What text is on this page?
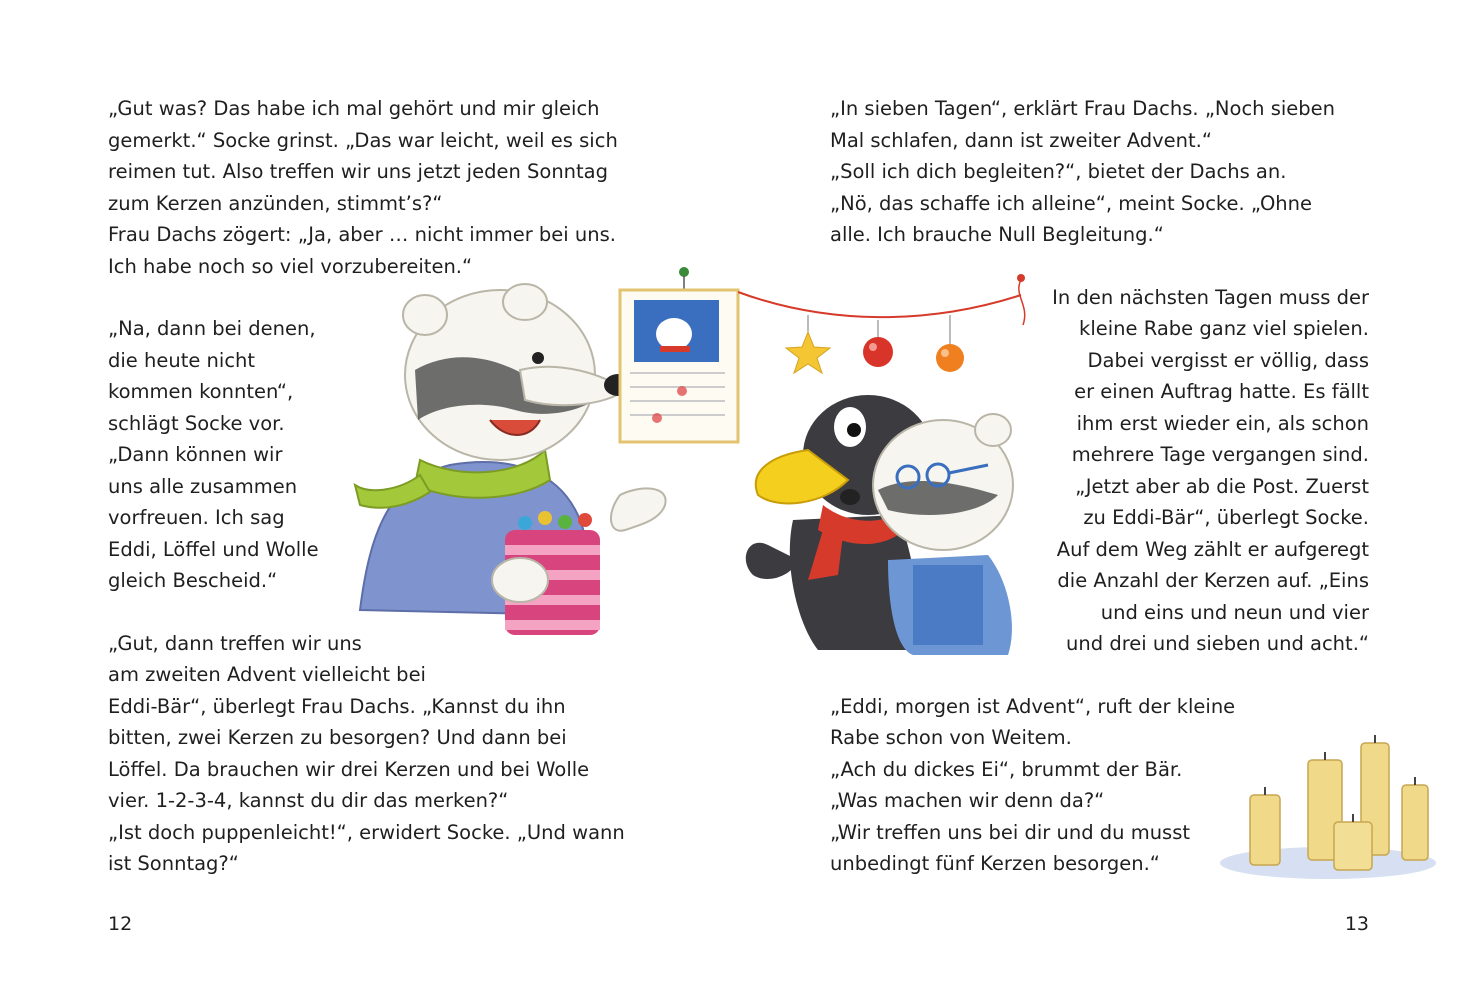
„Gut was? Das habe ich mal gehört und mir gleich

gemerkt.“ Socke grinst. „Das war leicht, weil es sich

reimen tut. Also treffen wir uns jetzt jeden Sonntag

zum Kerzen anzünden, stimmt’s?“

Frau Dachs zögert: „Ja, aber … nicht immer bei uns.

Ich habe noch so viel vorzubereiten.“

„Na, dann bei denen,

die heute nicht

kommen konnten“,

schlägt Socke vor.

„Dann können wir

uns alle zusammen

vorfreuen. Ich sag

Eddi, Löffel und Wolle

gleich Bescheid.“

„Gut, dann treffen wir uns

am zweiten Advent vielleicht bei

Eddi-Bär“, überlegt Frau Dachs. „Kannst du ihn

bitten, zwei Kerzen zu besorgen? Und dann bei

Löffel. Da brauchen wir drei Kerzen und bei Wolle

vier. 1-2-3-4, kannst du dir das merken?“

„Ist doch puppenleicht!“, erwidert Socke. „Und wann

ist Sonntag?“

12

„In sieben Tagen“, erklärt Frau Dachs. „Noch sieben

Mal schlafen, dann ist zweiter Advent.“

„Soll ich dich begleiten?“, bietet der Dachs an.

„Nö, das schaffe ich alleine“, meint Socke. „Ohne

alle. Ich brauche Null Begleitung.“

In den nächsten Tagen muss der

kleine Rabe ganz viel spielen.

Dabei vergisst er völlig, dass

er einen Auftrag hatte. Es fällt

ihm erst wieder ein, als schon

mehrere Tage vergangen sind.

„Jetzt aber ab die Post. Zuerst

zu Eddi-Bär“, überlegt Socke.

Auf dem Weg zählt er aufgeregt

die Anzahl der Kerzen auf. „Eins

und eins und neun und vier

und drei und sieben und acht.“

„Eddi, morgen ist Advent“, ruft der kleine

Rabe schon von Weitem.

„Ach du dickes Ei“, brummt der Bär.

„Was machen wir denn da?“

„Wir treffen uns bei dir und du musst

unbedingt fünf Kerzen besorgen.“

13
